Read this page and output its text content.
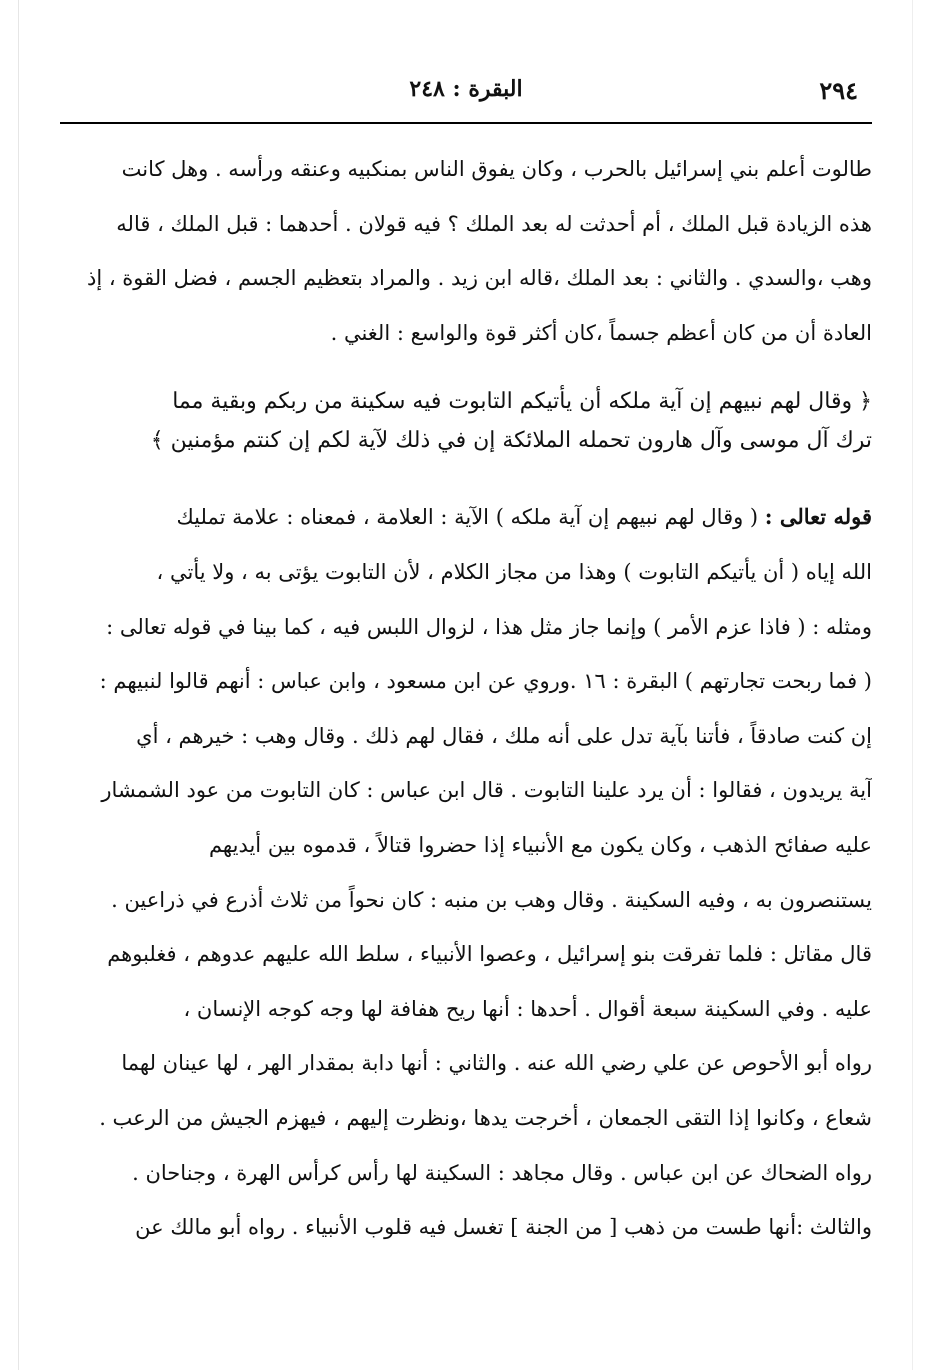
٢٩٤
البقرة : ٢٤٨
طالوت أعلم بني إسرائيل بالحرب ، وكان يفوق الناس بمنكبيه وعنقه ورأسه . وهل كانت
هذه الزيادة قبل الملك ، أم أحدثت له بعد الملك ؟ فيه قولان . أحدهما : قبل الملك ، قاله
وهب ،والسدي . والثاني : بعد الملك ،قاله ابن زيد . والمراد بتعظيم الجسم ، فضل القوة ، إذ
العادة أن من كان أعظم جسماً ،كان أكثر قوة والواسع : الغني .
﴿ وقال لهم نبيهم إن آية ملكه أن يأتيكم التابوت فيه سكينة من ربكم وبقية مما
ترك آل موسى وآل هارون تحمله الملائكة إن في ذلك لآية لكم إن كنتم مؤمنين ﴾
قوله تعالى : ( وقال لهم نبيهم إن آية ملكه ) الآية : العلامة ، فمعناه : علامة تمليك
الله إياه ( أن يأتيكم التابوت ) وهذا من مجاز الكلام ، لأن التابوت يؤتى به ، ولا يأتي ،
ومثله : ( فاذا عزم الأمر ) وإنما جاز مثل هذا ، لزوال اللبس فيه ، كما بينا في قوله تعالى :
( فما ربحت تجارتهم ) البقرة : ١٦ .وروي عن ابن مسعود ، وابن عباس : أنهم قالوا لنبيهم :
إن كنت صادقاً ، فأتنا بآية تدل على أنه ملك ، فقال لهم ذلك . وقال وهب : خيرهم ، أي
آية يريدون ، فقالوا : أن يرد علينا التابوت . قال ابن عباس : كان التابوت من عود الشمشار
عليه صفائح الذهب ، وكان يكون مع الأنبياء إذا حضروا قتالاً ، قدموه بين أيديهم
يستنصرون به ، وفيه السكينة . وقال وهب بن منبه : كان نحواً من ثلاث أذرع في ذراعين .
قال مقاتل : فلما تفرقت بنو إسرائيل ، وعصوا الأنبياء ، سلط الله عليهم عدوهم ، فغلبوهم
عليه . وفي السكينة سبعة أقوال . أحدها : أنها ريح هفافة لها وجه كوجه الإنسان ،
رواه أبو الأحوص عن علي رضي الله عنه . والثاني : أنها دابة بمقدار الهر ، لها عينان لهما
شعاع ، وكانوا إذا التقى الجمعان ، أخرجت يدها ،ونظرت إليهم ، فيهزم الجيش من الرعب .
رواه الضحاك عن ابن عباس . وقال مجاهد : السكينة لها رأس كرأس الهرة ، وجناحان .
والثالث :أنها طست من ذهب [ من الجنة ] تغسل فيه قلوب الأنبياء . رواه أبو مالك عن
